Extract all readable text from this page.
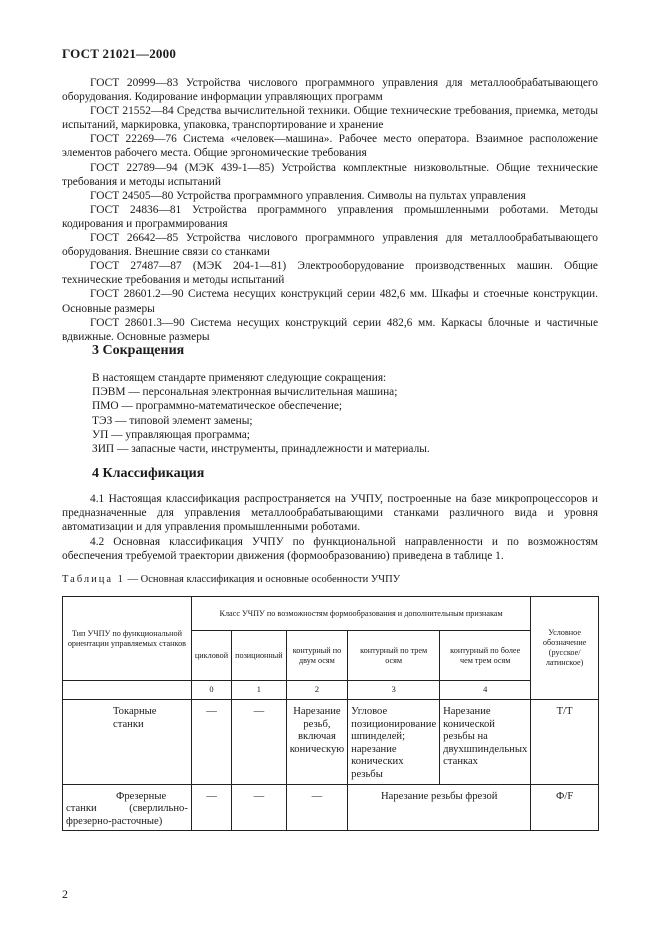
ГОСТ 21021—2000

ГОСТ 20999—83 Устройства числового программного управления для металлообрабатывающего оборудования. Кодирование информации управляющих программ

ГОСТ 21552—84 Средства вычислительной техники. Общие технические требования, приемка, методы испытаний, маркировка, упаковка, транспортирование и хранение

ГОСТ 22269—76 Система «человек—машина». Рабочее место оператора. Взаимное расположение элементов рабочего места. Общие эргономические требования

ГОСТ 22789—94 (МЭК 439-1—85) Устройства комплектные низковольтные. Общие технические требования и методы испытаний

ГОСТ 24505—80 Устройства программного управления. Символы на пультах управления

ГОСТ 24836—81 Устройства программного управления промышленными роботами. Методы кодирования и программирования

ГОСТ 26642—85 Устройства числового программного управления для металлообрабатывающего оборудования. Внешние связи со станками

ГОСТ 27487—87 (МЭК 204-1—81) Электрооборудование производственных машин. Общие технические требования и методы испытаний

ГОСТ 28601.2—90 Система несущих конструкций серии 482,6 мм. Шкафы и стоечные конструкции. Основные размеры

ГОСТ 28601.3—90 Система несущих конструкций серии 482,6 мм. Каркасы блочные и частичные вдвижные. Основные размеры

3 Сокращения
В настоящем стандарте применяют следующие сокращения:
ПЭВМ — персональная электронная вычислительная машина;
ПМО — программно-математическое обеспечение;
ТЭЗ — типовой элемент замены;
УП — управляющая программа;
ЗИП — запасные части, инструменты, принадлежности и материалы.
4 Классификация

4.1 Настоящая классификация распространяется на УЧПУ, построенные на базе микропроцессоров и предназначенные для управления металлообрабатывающими станками различного вида и уровня автоматизации и для управления промышленными роботами.

4.2 Основная классификация УЧПУ по функциональной направленности и по возможностям обеспечения требуемой траектории движения (формообразованию) приведена в таблице 1.

Таблица 1 — Основная классификация и основные особенности УЧПУ
Тип УЧПУ по функциональной ориентации управляемых станков	Класс УЧПУ по возможностям формообразования и дополнительным признакам					Условное обозначение (русское/латинское)
	цикловой	позиционный	контурный по двум осям	контурный по трем осям	контурный по более чем трем осям	
	0	1	2	3	4	
Токарные станки	—	—	Нарезание резьб, включая коническую	Угловое позиционирование шпинделей; нарезание конических резьбы	Нарезание конической резьбы на двухшпиндельных станках	Т/Т
Фрезерные станки (сверлильно-фрезерно-расточные)	—	—	—	Нарезание резьбы фрезой		Ф/F
2
